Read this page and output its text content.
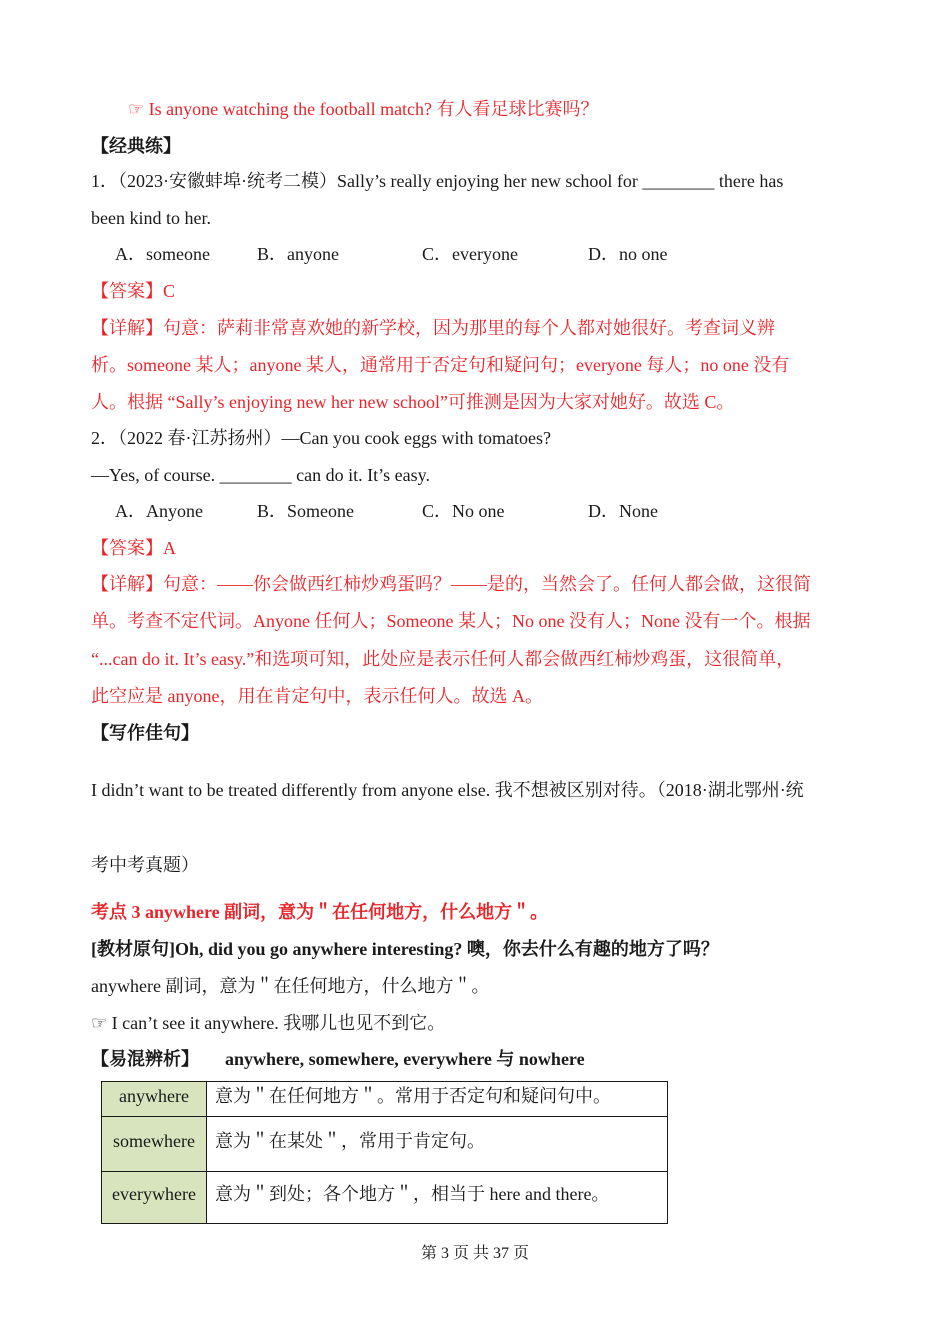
☞ Is anyone watching the football match? 有人看足球比赛吗？
【经典练】
1．（2023·安徽蚌埠·统考二模）Sally’s really enjoying her new school for ________ there has
been kind to her.
A．someone	B．anyone	C．everyone	D．no one
【答案】C
【详解】句意：萨莉非常喜欢她的新学校，因为那里的每个人都对她很好。考查词义辨
析。someone 某人；anyone 某人，通常用于否定句和疑问句；everyone 每人；no one 没有
人。根据 “Sally’s enjoying new her new school”可推测是因为大家对她好。故选 C。
2．（2022 春·江苏扬州）—Can you cook eggs with tomatoes?
—Yes, of course. ________ can do it. It’s easy.
A．Anyone	B．Someone	C．No one	D．None
【答案】A
【详解】句意：——你会做西红柿炒鸡蛋吗？——是的，当然会了。任何人都会做，这很简
单。考查不定代词。Anyone 任何人；Someone 某人；No one 没有人；None 没有一个。根据
“...can do it. It’s easy.”和选项可知，此处应是表示任何人都会做西红柿炒鸡蛋，这很简单，
此空应是 anyone，用在肯定句中，表示任何人。故选 A。
【写作佳句】
I didn’t want to be treated differently from anyone else. 我不想被区别对待。（2018·湖北鄂州·统
考中考真题）
考点 3 anywhere 副词，意为＂在任何地方，什么地方＂。
[教材原句]Oh, did you go anywhere interesting? 噢，你去什么有趣的地方了吗？
anywhere 副词，意为＂在任何地方，什么地方＂。
☞ I can’t see it anywhere. 我哪儿也见不到它。
【易混辨析】 anywhere, somewhere, everywhere 与 nowhere
anywhere	意为＂在任何地方＂。常用于否定句和疑问句中。
somewhere	意为＂在某处＂，常用于肯定句。
everywhere	意为＂到处；各个地方＂，相当于 here and there。
第 3 页 共 37 页
